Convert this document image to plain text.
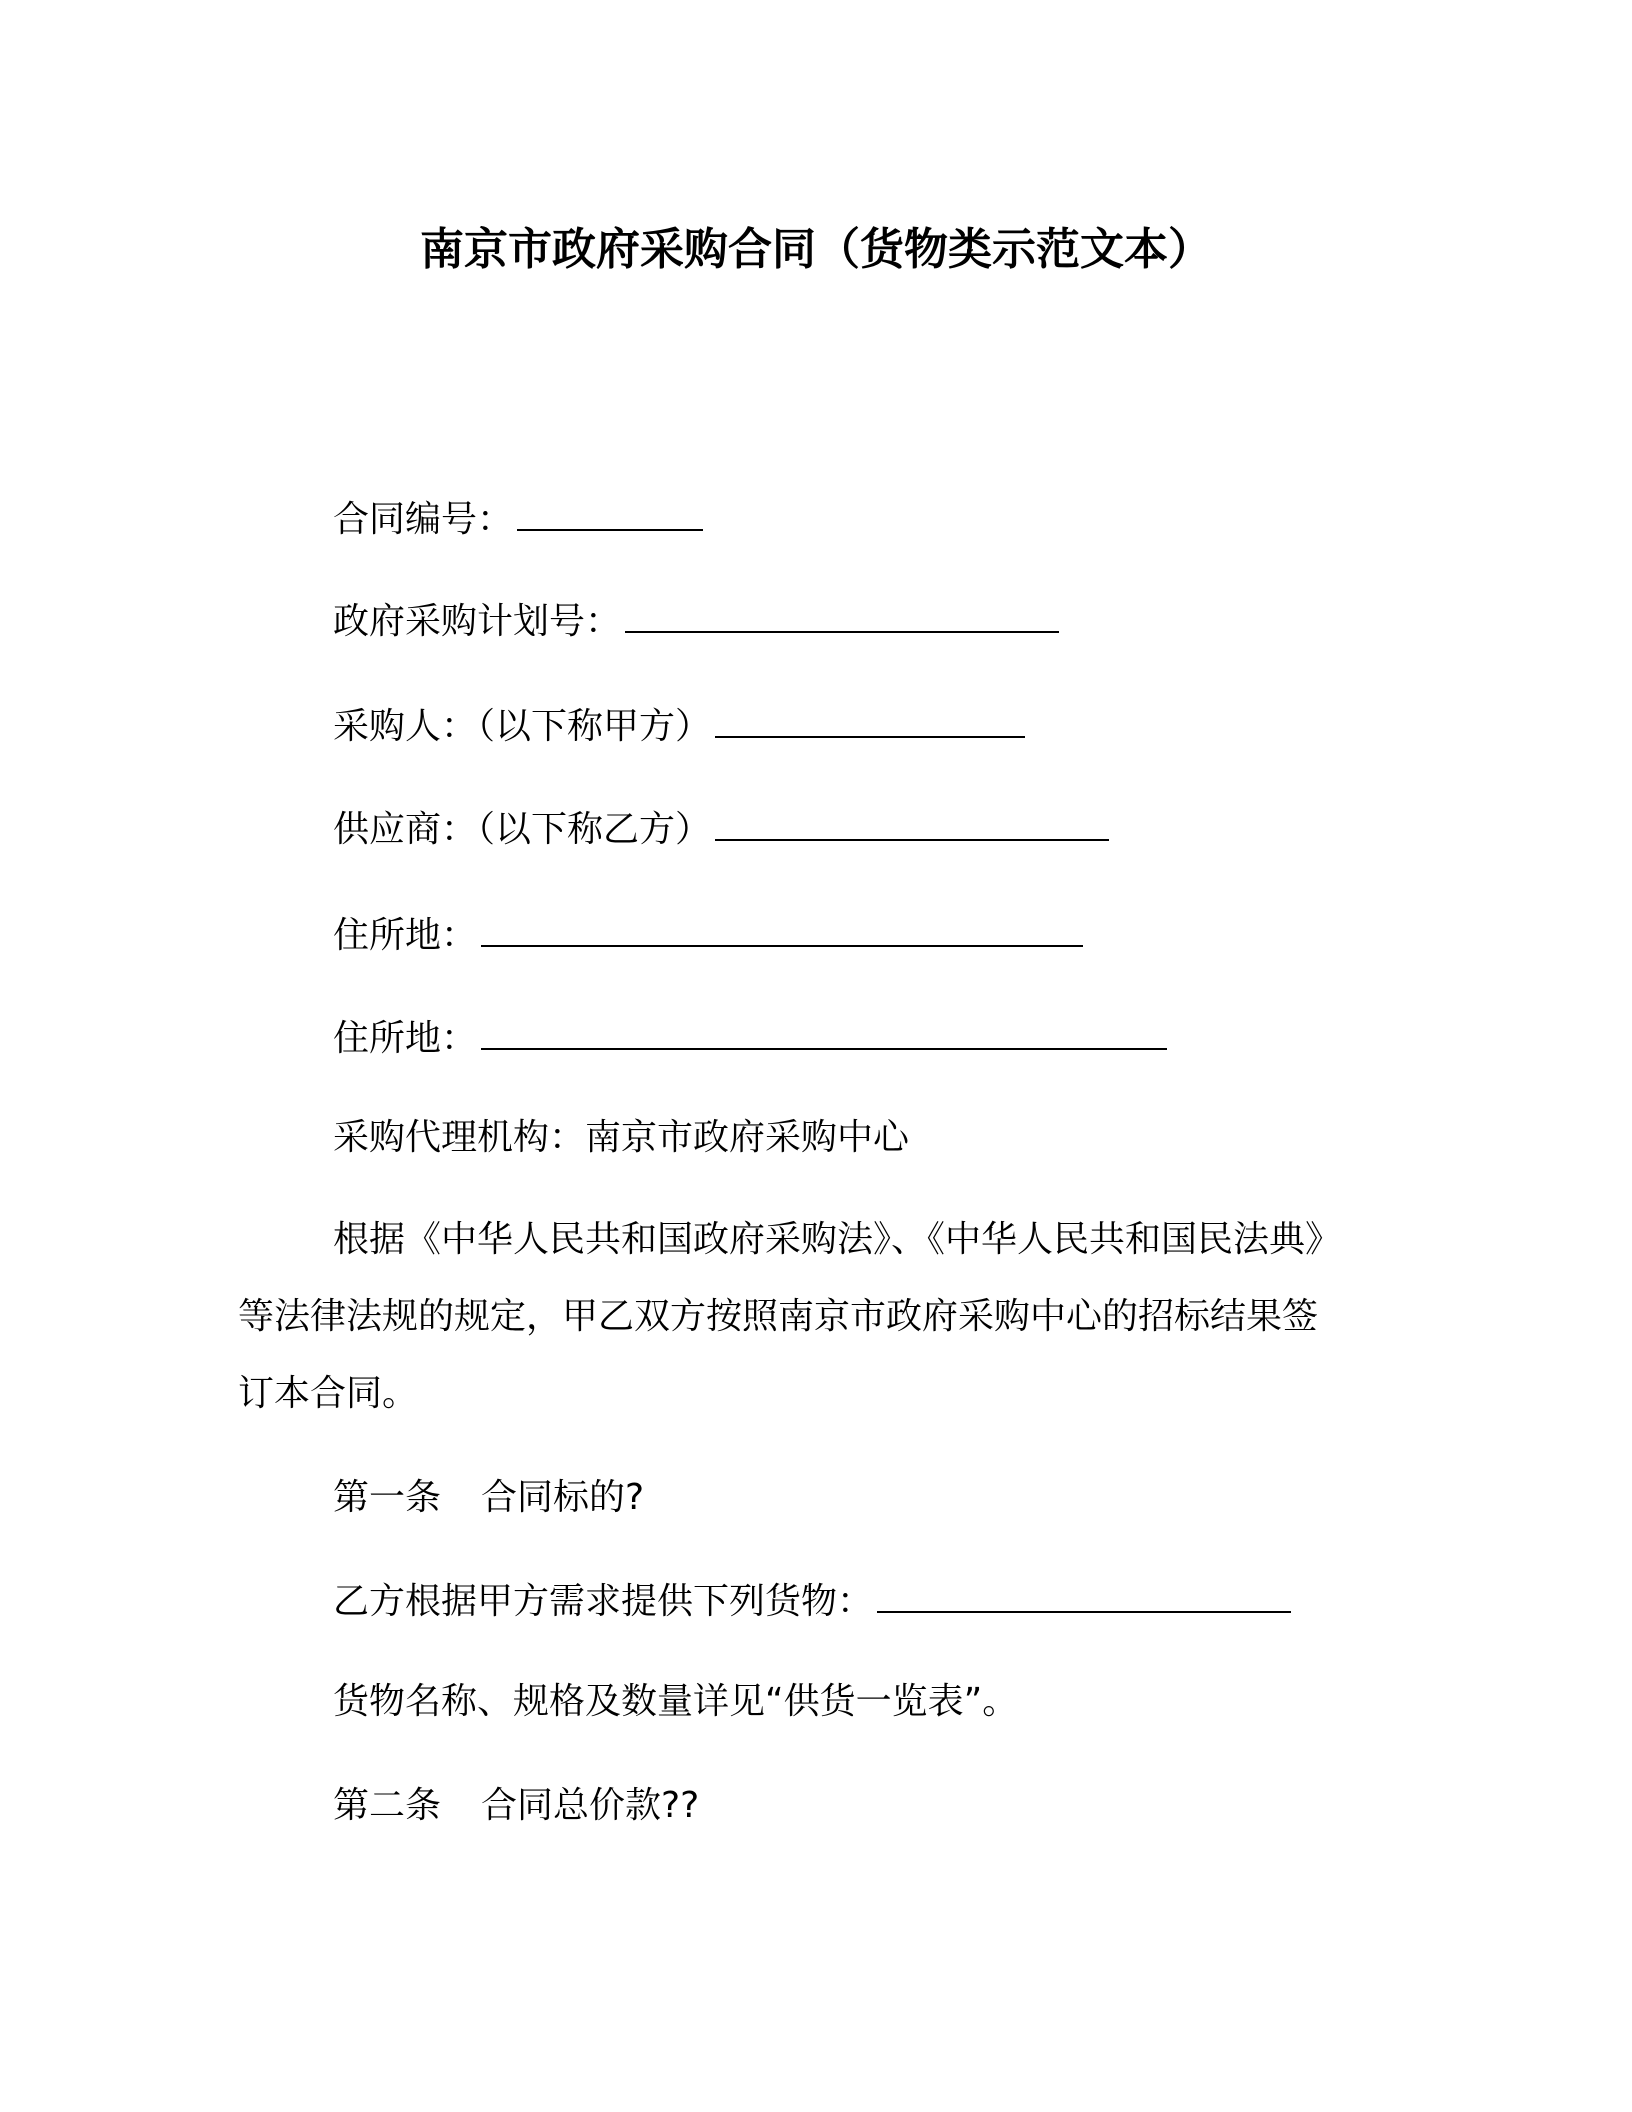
南京市政府采购合同（货物类示范文本）
合同编号：
政府采购计划号：
采购人：（以下称甲方）
供应商：（以下称乙方）
住所地：
住所地：
采购代理机构：南京市政府采购中心
根据《中华人民共和国政府采购法》、《中华人民共和国民法典》
等法律法规的规定，甲乙双方按照南京市政府采购中心的招标结果签
订本合同。
第一条 合同标的?
乙方根据甲方需求提供下列货物：
货物名称、规格及数量详见“供货一览表”。
第二条 合同总价款??
